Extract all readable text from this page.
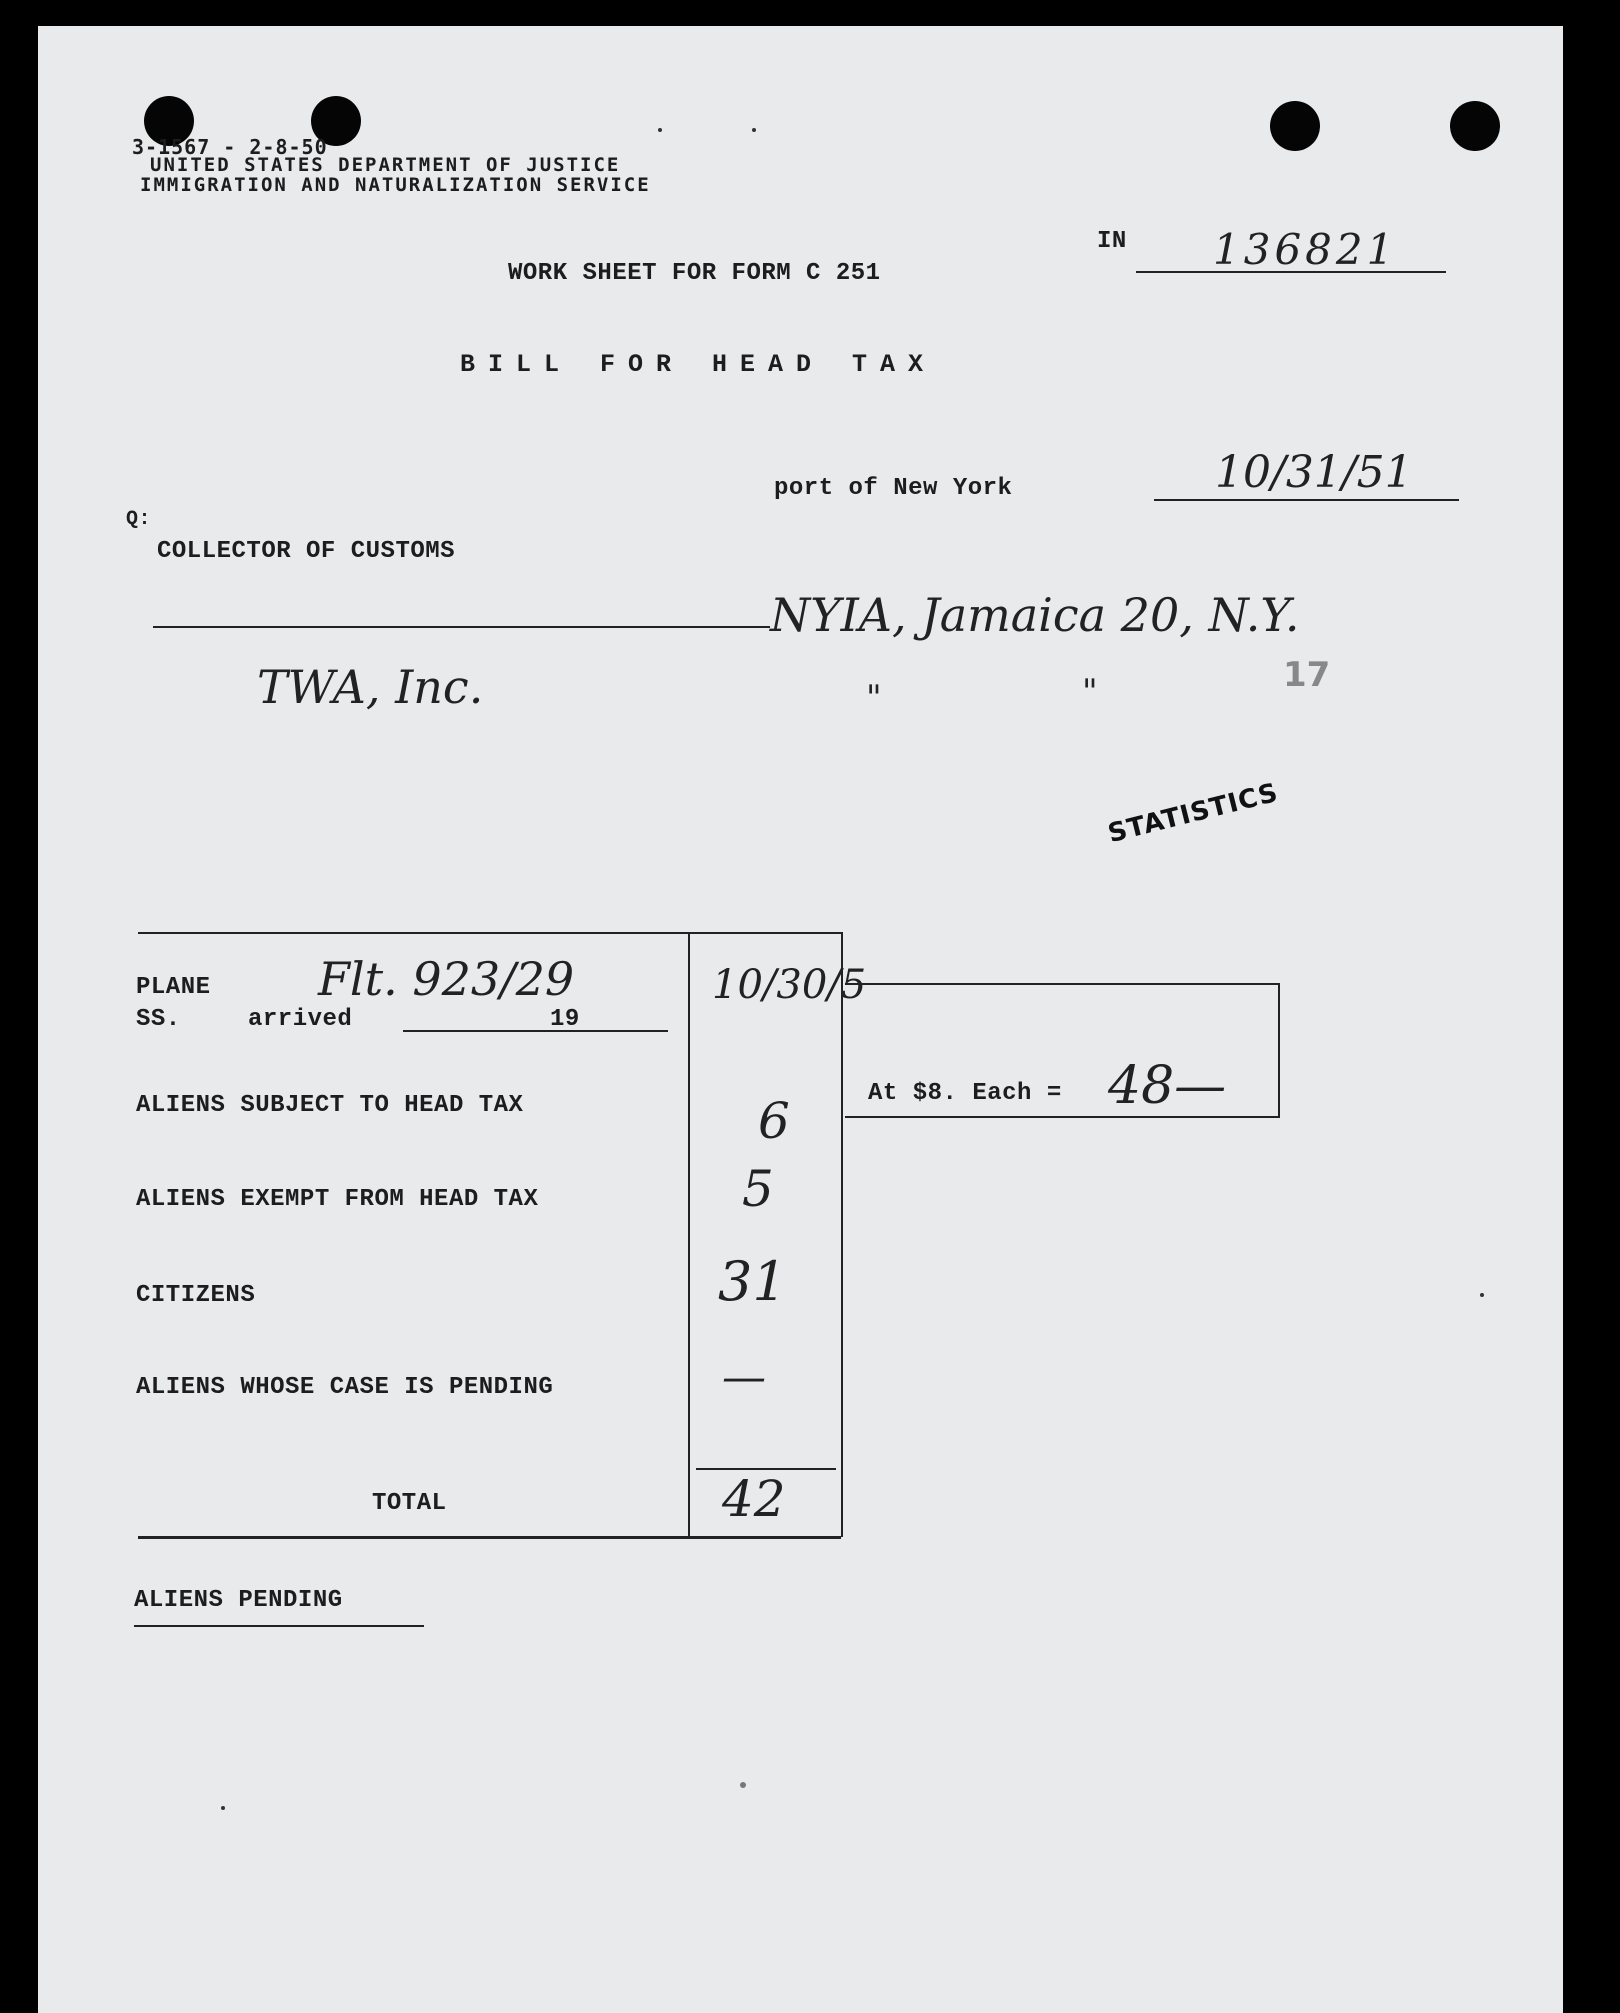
3-1567 - 2-8-50
UNITED STATES DEPARTMENT OF JUSTICE
IMMIGRATION AND NATURALIZATION SERVICE
IN 136821
WORK SHEET FOR FORM C 251
BILL FOR HEAD TAX
port of New York	10/31/51
Q:
COLLECTOR OF CUSTOMS
NYIA, Jamaica 20, N.Y.
TWA, Inc.	"	"	17
STATISTICS
PLANE
SS.	arrived	19
Flt. 923/29	10/30/5
ALIENS SUBJECT TO HEAD TAX	6
ALIENS EXEMPT FROM HEAD TAX	5
CITIZENS	31
ALIENS WHOSE CASE IS PENDING	—
TOTAL	42
At $8. Each = 48—
ALIENS PENDING
